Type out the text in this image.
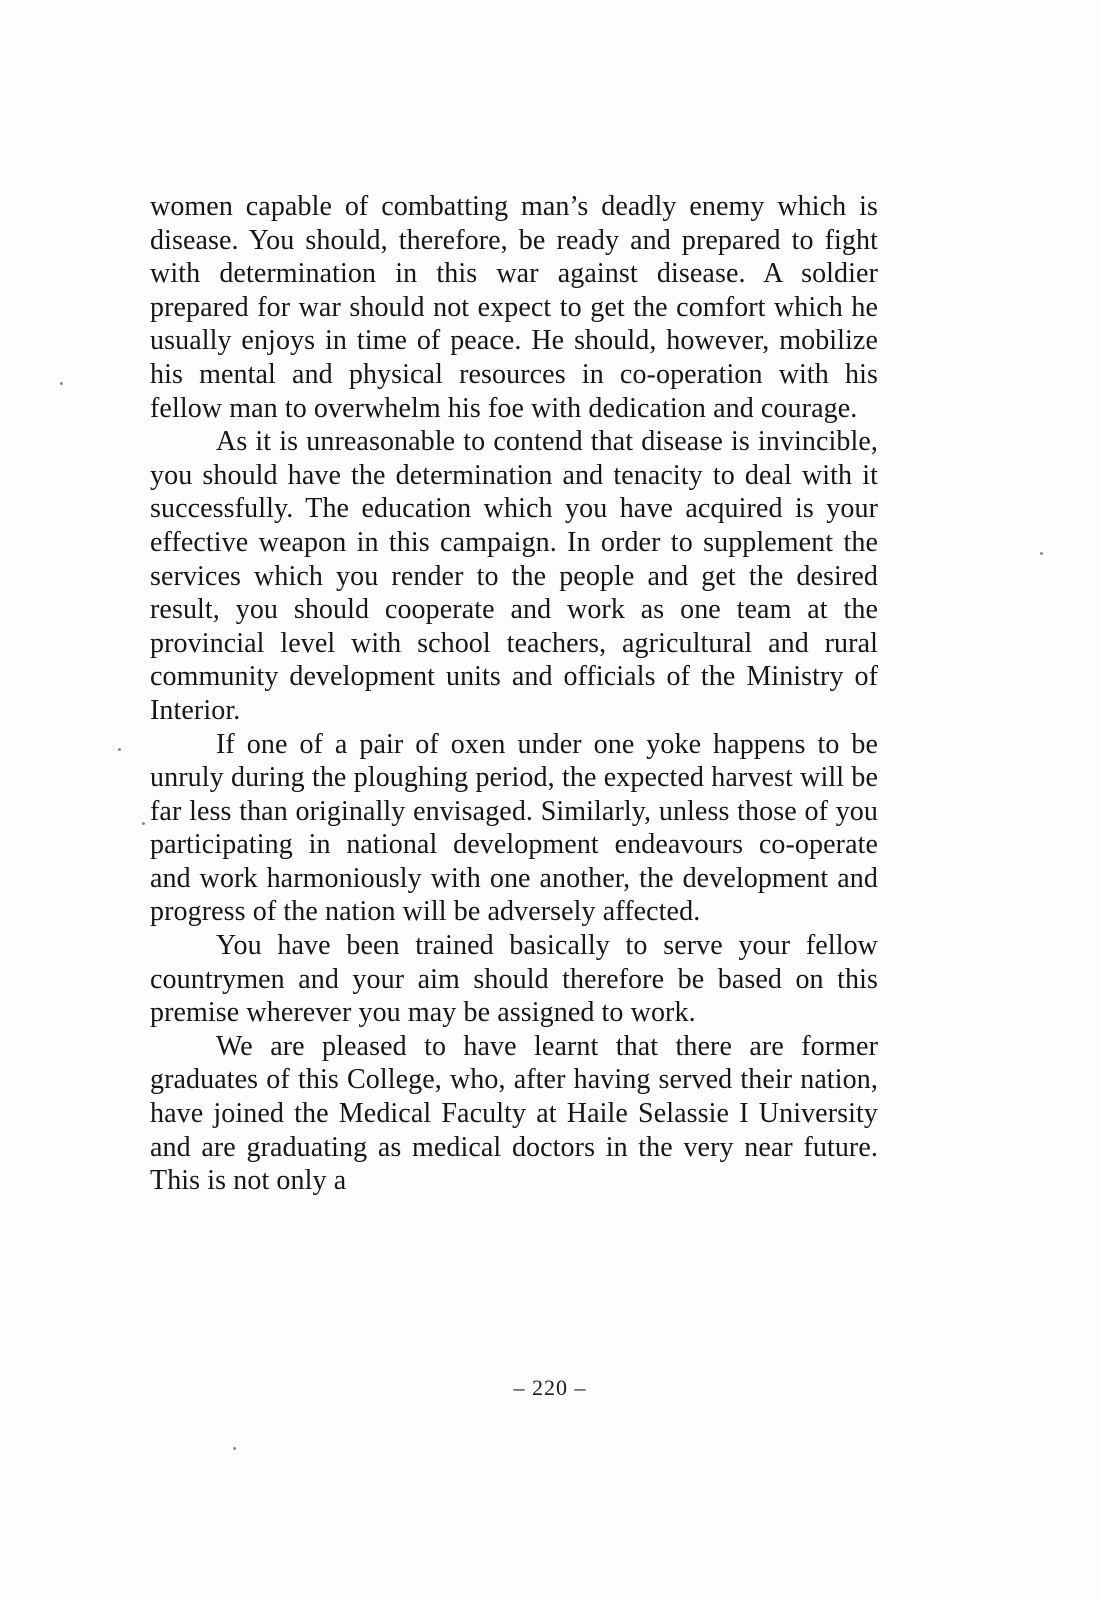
women capable of combatting man’s deadly enemy which is disease. You should, therefore, be ready and prepared to fight with determination in this war against disease. A soldier prepared for war should not expect to get the comfort which he usually enjoys in time of peace. He should, however, mobilize his mental and physical resources in co-operation with his fellow man to overwhelm his foe with dedication and courage.

As it is unreasonable to contend that disease is invincible, you should have the determination and tenacity to deal with it successfully. The education which you have acquired is your effective weapon in this campaign. In order to supplement the services which you render to the people and get the desired result, you should cooperate and work as one team at the provincial level with school teachers, agricultural and rural community development units and officials of the Ministry of Interior.

If one of a pair of oxen under one yoke happens to be unruly during the ploughing period, the expected harvest will be far less than originally envisaged. Similarly, unless those of you participating in national development endeavours co-operate and work harmoniously with one another, the development and progress of the nation will be adversely affected.

You have been trained basically to serve your fellow countrymen and your aim should therefore be based on this premise wherever you may be assigned to work.

We are pleased to have learnt that there are former graduates of this College, who, after having served their nation, have joined the Medical Faculty at Haile Selassie I University and are graduating as medical doctors in the very near future. This is not only a

– 220 –
